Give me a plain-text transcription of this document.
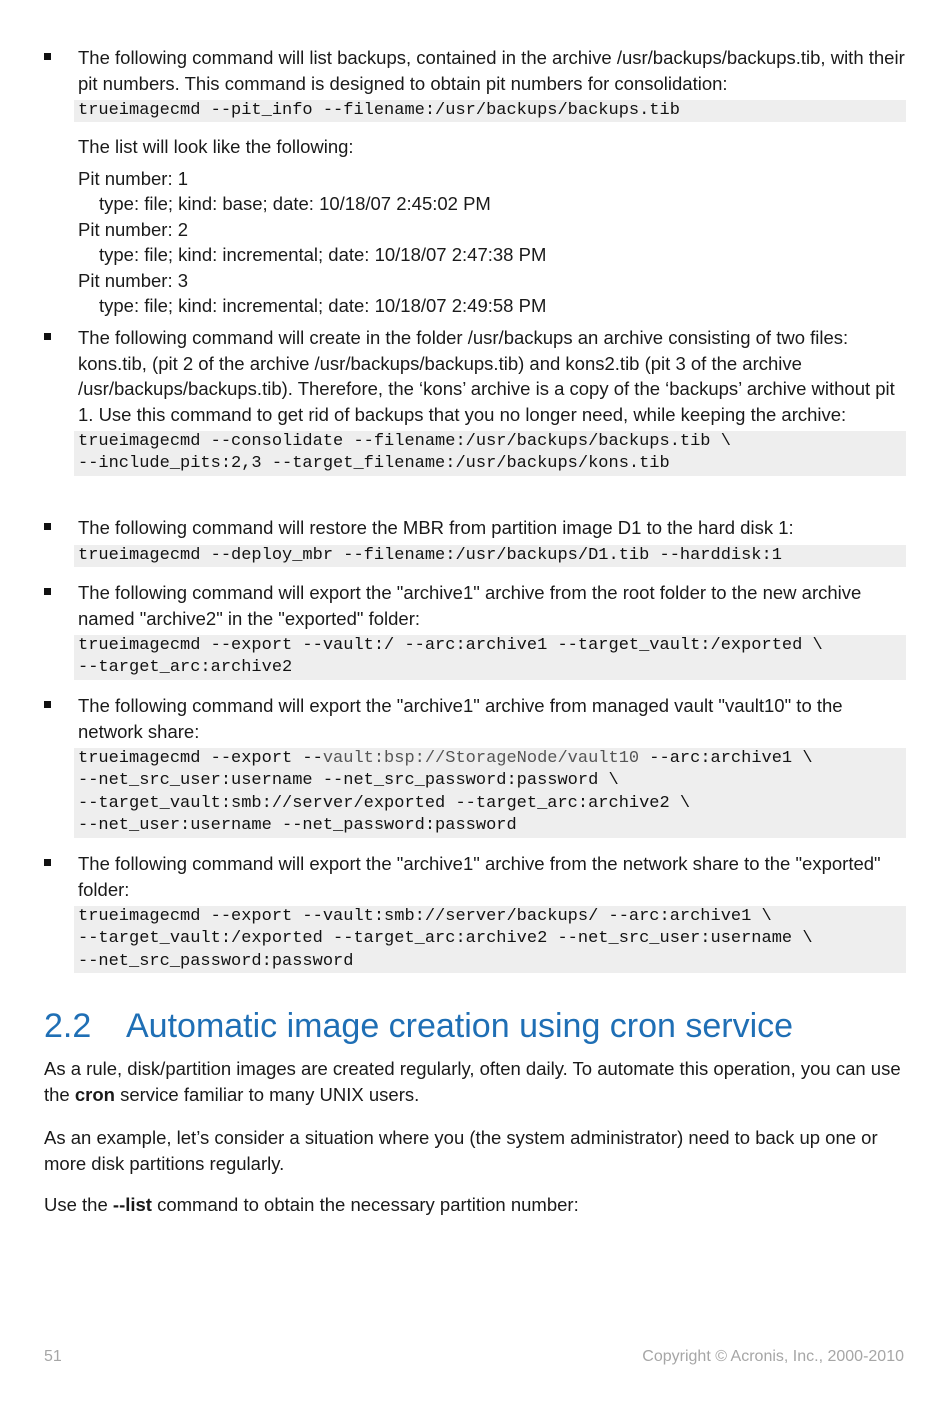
The following command will list backups, contained in the archive /usr/backups/backups.tib, with their pit numbers. This command is designed to obtain pit numbers for consolidation:
trueimagecmd --pit_info --filename:/usr/backups/backups.tib
The list will look like the following:
Pit number: 1
type: file; kind: base; date: 10/18/07 2:45:02 PM
Pit number: 2
type: file; kind: incremental; date: 10/18/07 2:47:38 PM
Pit number: 3
type: file; kind: incremental; date: 10/18/07 2:49:58 PM
The following command will create in the folder /usr/backups an archive consisting of two files: kons.tib, (pit 2 of the archive /usr/backups/backups.tib) and kons2.tib (pit 3 of the archive /usr/backups/backups.tib). Therefore, the ‘kons’ archive is a copy of the ‘backups’ archive without pit 1. Use this command to get rid of backups that you no longer need, while keeping the archive:
trueimagecmd --consolidate --filename:/usr/backups/backups.tib \
--include_pits:2,3 --target_filename:/usr/backups/kons.tib
The following command will restore the MBR from partition image D1 to the hard disk 1:
trueimagecmd --deploy_mbr --filename:/usr/backups/D1.tib --harddisk:1
The following command will export the "archive1" archive from the root folder to the new archive named "archive2" in the "exported" folder:
trueimagecmd --export --vault:/ --arc:archive1 --target_vault:/exported \
--target_arc:archive2
The following command will export the "archive1" archive from managed vault "vault10" to the network share:
trueimagecmd --export --vault:bsp://StorageNode/vault10 --arc:archive1 \
--net_src_user:username --net_src_password:password \
--target_vault:smb://server/exported --target_arc:archive2 \
--net_user:username --net_password:password
The following command will export the "archive1" archive from the network share to the "exported" folder:
trueimagecmd --export --vault:smb://server/backups/ --arc:archive1 \
--target_vault:/exported --target_arc:archive2 --net_src_user:username \
--net_src_password:password
2.2 Automatic image creation using cron service
As a rule, disk/partition images are created regularly, often daily. To automate this operation, you can use the cron service familiar to many UNIX users.
As an example, let’s consider a situation where you (the system administrator) need to back up one or more disk partitions regularly.
Use the --list command to obtain the necessary partition number:
51	Copyright © Acronis, Inc., 2000-2010
